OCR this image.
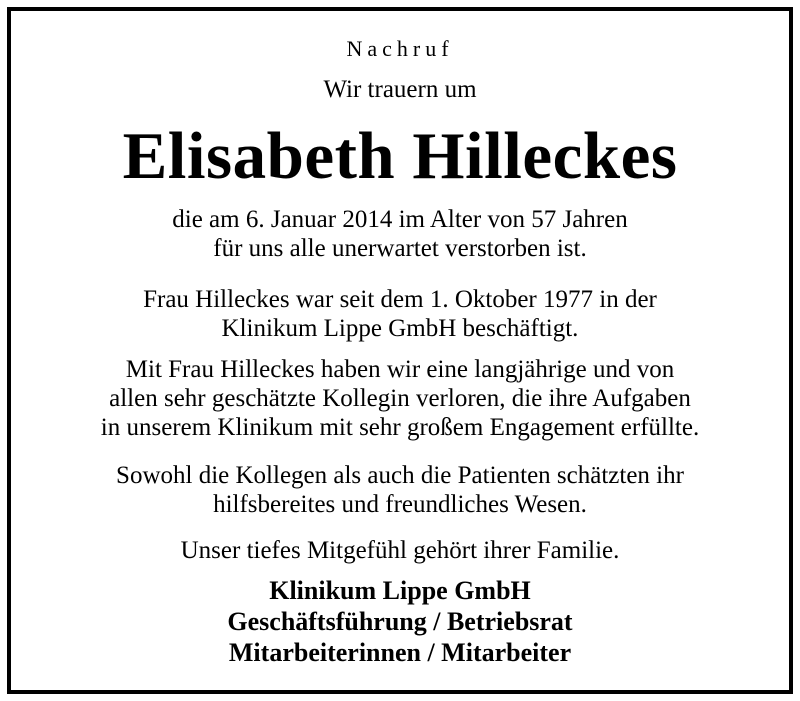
Nachruf
Wir trauern um
Elisabeth Hilleckes
die am 6. Januar 2014 im Alter von 57 Jahren
für uns alle unerwartet verstorben ist.
Frau Hilleckes war seit dem 1. Oktober 1977 in der
Klinikum Lippe GmbH beschäftigt.
Mit Frau Hilleckes haben wir eine langjährige und von
allen sehr geschätzte Kollegin verloren, die ihre Aufgaben
in unserem Klinikum mit sehr großem Engagement erfüllte.
Sowohl die Kollegen als auch die Patienten schätzten ihr
hilfsbereites und freundliches Wesen.
Unser tiefes Mitgefühl gehört ihrer Familie.
Klinikum Lippe GmbH
Geschäftsführung / Betriebsrat
Mitarbeiterinnen / Mitarbeiter
